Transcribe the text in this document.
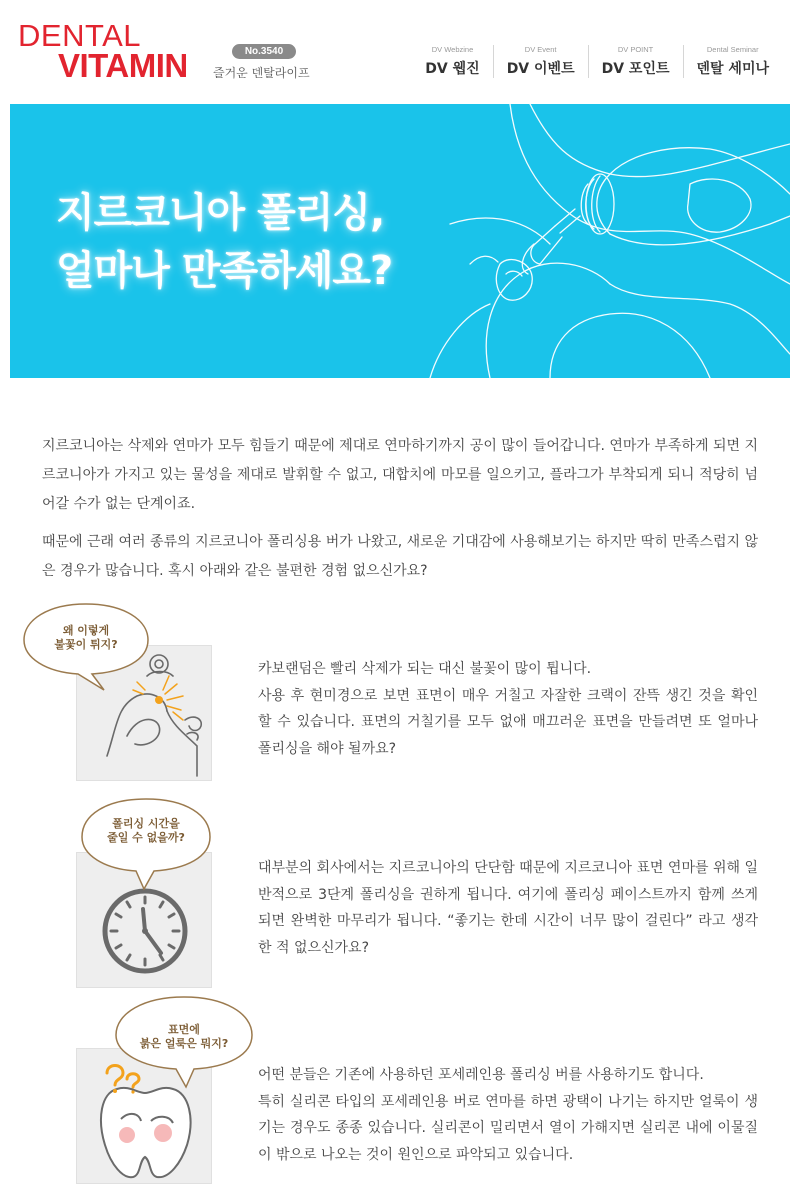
DENTAL
VITAMIN	No.3540
즐거운 덴탈라이프
DV Webzine
DV 웹진
DV Event
DV 이벤트
DV POINT
DV 포인트
Dental Seminar
덴탈 세미나
지르코니아 폴리싱,
얼마나 만족하세요?

지르코니아는 삭제와 연마가 모두 힘들기 때문에 제대로 연마하기까지 공이 많이 들어갑니다. 연마가 부족하게 되면 지르코니아가 가지고 있는 물성을 제대로 발휘할 수 없고, 대합치에 마모를 일으키고, 플라그가 부착되게 되니 적당히 넘어갈 수가 없는 단계이죠.

때문에 근래 여러 종류의 지르코니아 폴리싱용 버가 나왔고, 새로운 기대감에 사용해보기는 하지만 딱히 만족스럽지 않은 경우가 많습니다. 혹시 아래와 같은 불편한 경험 없으신가요?

왜 이렇게
불꽃이 튀지?
카보랜덤은 빨리 삭제가 되는 대신 불꽃이 많이 튑니다.
사용 후 현미경으로 보면 표면이 매우 거칠고 자잘한 크랙이 잔뜩 생긴 것을 확인 할 수 있습니다. 표면의 거칠기를 모두 없애 매끄러운 표면을 만들려면 또 얼마나 폴리싱을 해야 될까요?
폴리싱 시간을
줄일 수 없을까?
대부분의 회사에서는 지르코니아의 단단함 때문에 지르코니아 표면 연마를 위해 일반적으로 3단계 폴리싱을 권하게 됩니다. 여기에 폴리싱 페이스트까지 함께 쓰게 되면 완벽한 마무리가 됩니다. “좋기는 한데 시간이 너무 많이 걸린다” 라고 생각한 적 없으신가요?
표면에
붉은 얼룩은 뭐지?
어떤 분들은 기존에 사용하던 포세레인용 폴리싱 버를 사용하기도 합니다.
특히 실리콘 타입의 포세레인용 버로 연마를 하면 광택이 나기는 하지만 얼룩이 생기는 경우도 종종 있습니다. 실리콘이 밀리면서 열이 가해지면 실리콘 내에 이물질이 밖으로 나오는 것이 원인으로 파악되고 있습니다.
